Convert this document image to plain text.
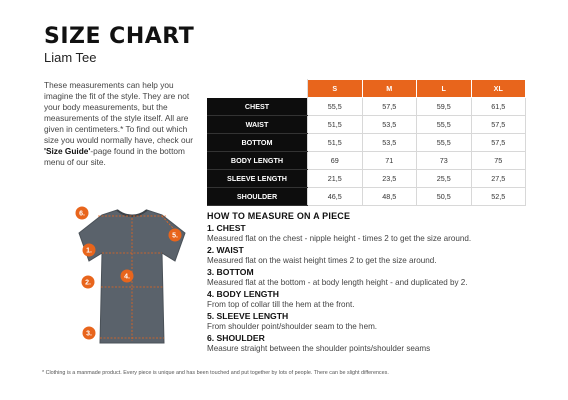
SIZE CHART
Liam Tee
These measurements can help you imagine the fit of the style. They are not your body measurements, but the measurements of the style itself. All are given in centimeters.* To find out which size you would normally have, check our 'Size Guide'-page found in the bottom menu of our site.
	S	M	L	XL
CHEST	55,5	57,5	59,5	61,5
WAIST	51,5	53,5	55,5	57,5
BOTTOM	51,5	53,5	55,5	57,5
BODY LENGTH	69	71	73	75
SLEEVE LENGTH	21,5	23,5	25,5	27,5
SHOULDER	46,5	48,5	50,5	52,5
6.
5.
1.
2.
4.
3.
HOW TO MEASURE ON A PIECE
1. CHEST
Measured flat on the chest - nipple height - times 2 to get the size around.
2. WAIST
Measured flat on the waist height times 2 to get the size around.
3. BOTTOM
Measured flat at the bottom - at body length height - and duplicated by 2.
4. BODY LENGTH
From top of collar till the hem at the front.
5. SLEEVE LENGTH
From shoulder point/shoulder seam to the hem.
6. SHOULDER
Measure straight between the shoulder points/shoulder seams
* Clothing is a manmade product. Every piece is unique and has been touched and put together by lots of people. There can be slight differences.
